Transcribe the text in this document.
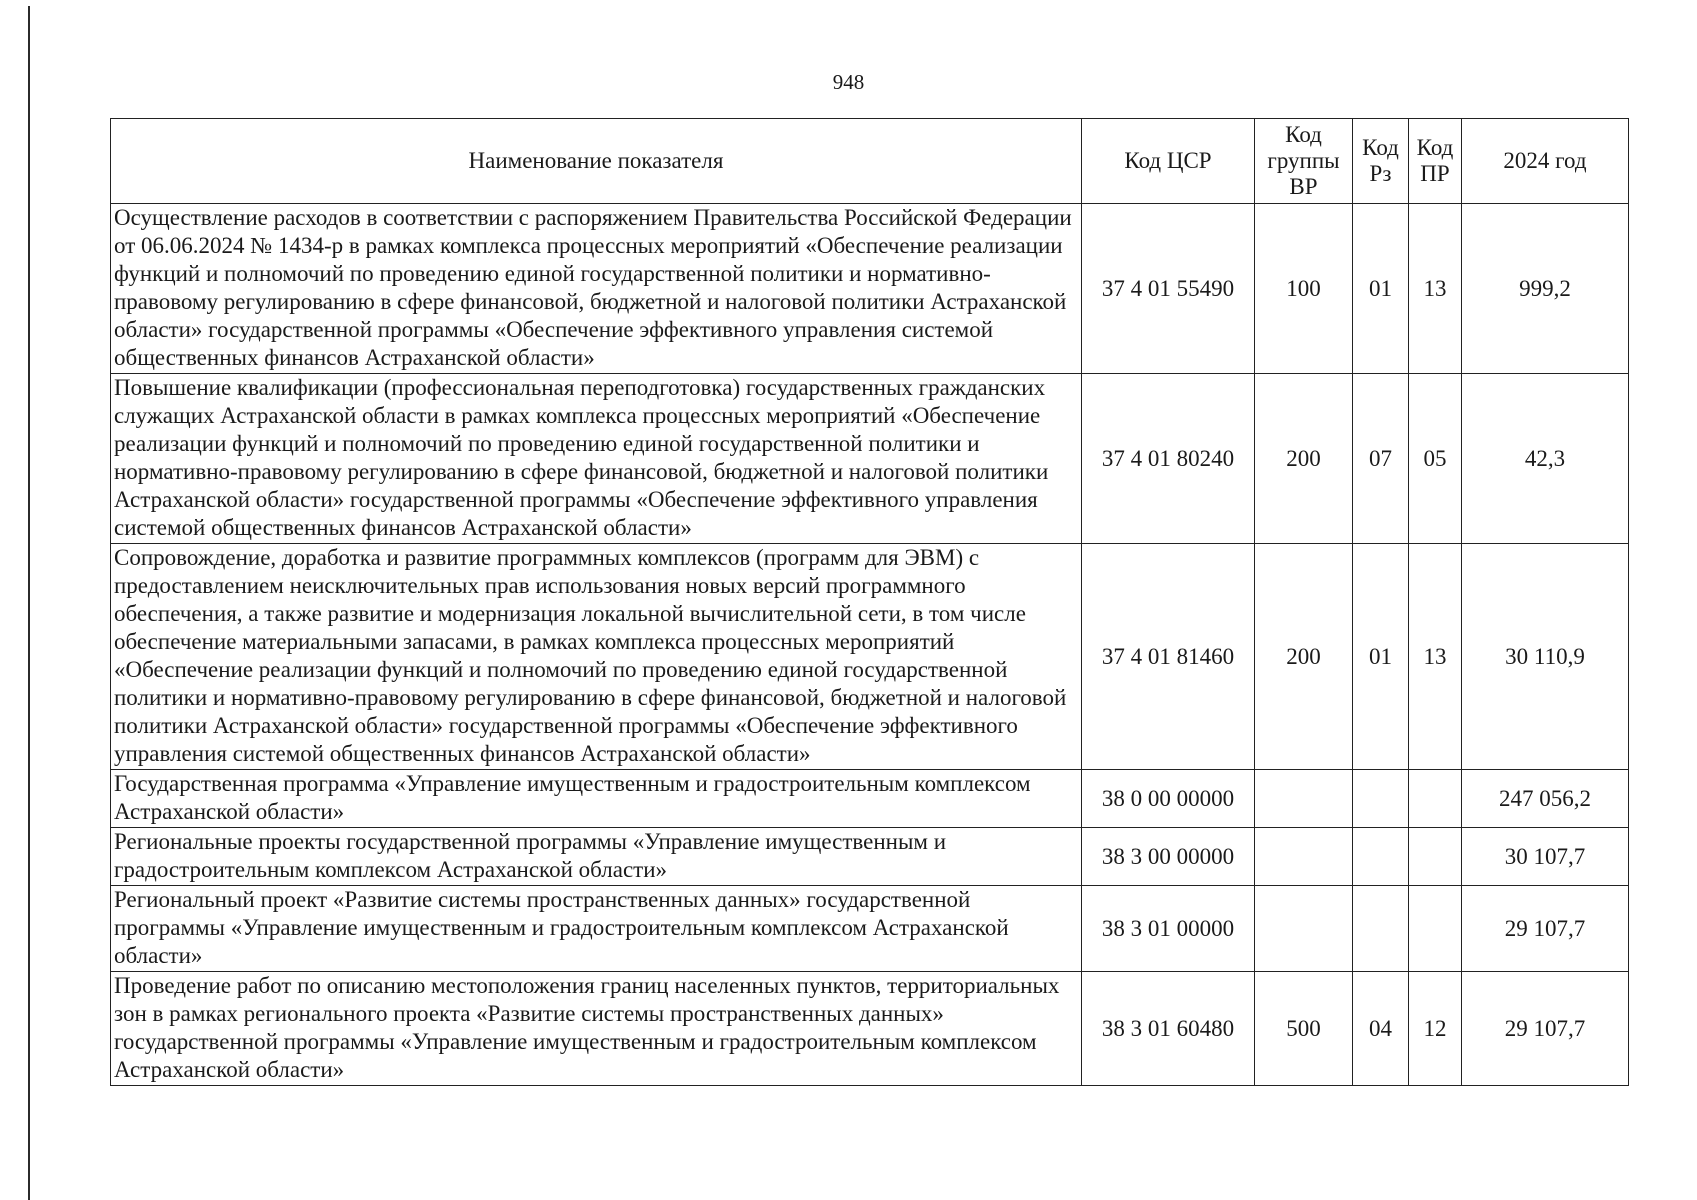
948
Наименование показателя	Код ЦСР	Код группы ВР	Код Рз	Код ПР	2024 год
Осуществление расходов в соответствии с распоряжением Правительства Российской Федерации от 06.06.2024 № 1434-р в рамках комплекса процессных мероприятий «Обеспечение реализации функций и полномочий по проведению единой государственной политики и нормативно-правовому регулированию в сфере финансовой, бюджетной и налоговой политики Астраханской области» государственной программы «Обеспечение эффективного управления системой общественных финансов Астраханской области»	37 4 01 55490	100	01	13	999,2
Повышение квалификации (профессиональная переподготовка) государственных гражданских служащих Астраханской области в рамках комплекса процессных мероприятий «Обеспечение реализации функций и полномочий по проведению единой государственной политики и нормативно-правовому регулированию в сфере финансовой, бюджетной и налоговой политики Астраханской области» государственной программы «Обеспечение эффективного управления системой общественных финансов Астраханской области»	37 4 01 80240	200	07	05	42,3
Сопровождение, доработка и развитие программных комплексов (программ для ЭВМ) с предоставлением неисключительных прав использования новых версий программного обеспечения, а также развитие и модернизация локальной вычислительной сети, в том числе обеспечение материальными запасами, в рамках комплекса процессных мероприятий «Обеспечение реализации функций и полномочий по проведению единой государственной политики и нормативно-правовому регулированию в сфере финансовой, бюджетной и налоговой политики Астраханской области» государственной программы «Обеспечение эффективного управления системой общественных финансов Астраханской области»	37 4 01 81460	200	01	13	30 110,9
Государственная программа «Управление имущественным и градостроительным комплексом Астраханской области»	38 0 00 00000				247 056,2
Региональные проекты государственной программы «Управление имущественным и градостроительным комплексом Астраханской области»	38 3 00 00000				30 107,7
Региональный проект «Развитие системы пространственных данных» государственной программы «Управление имущественным и градостроительным комплексом Астраханской области»	38 3 01 00000				29 107,7
Проведение работ по описанию местоположения границ населенных пунктов, территориальных зон в рамках регионального проекта «Развитие системы пространственных данных» государственной программы «Управление имущественным и градостроительным комплексом Астраханской области»	38 3 01 60480	500	04	12	29 107,7
